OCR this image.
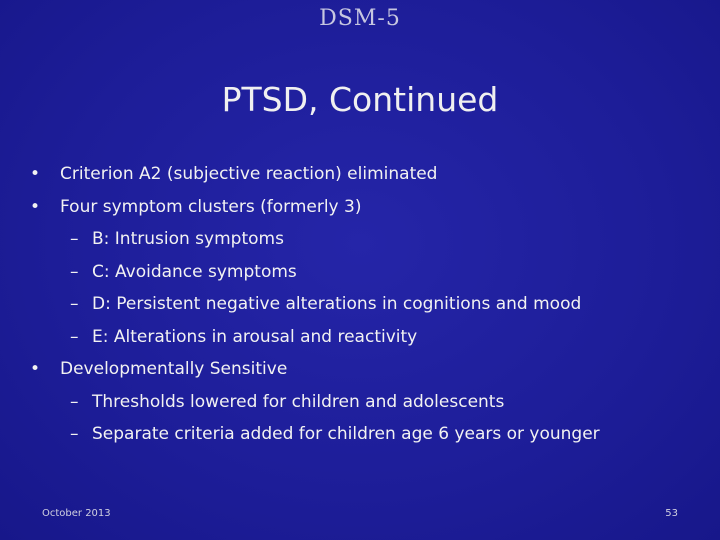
DSM-5
PTSD, Continued
•	Criterion A2 (subjective reaction) eliminated
•	Four symptom clusters (formerly 3)
– B: Intrusion symptoms
– C: Avoidance symptoms
– D: Persistent negative alterations in cognitions and mood
– E: Alterations in arousal and reactivity
•	Developmentally Sensitive
– Thresholds lowered for children and adolescents
– Separate criteria added for children age 6 years or younger
October 2013	53
